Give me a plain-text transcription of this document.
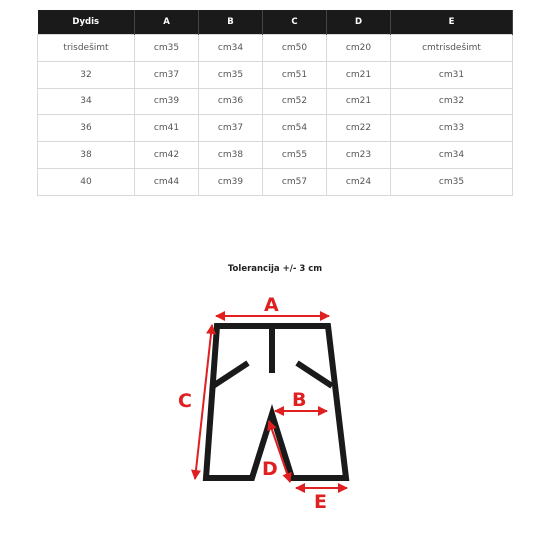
Dydis	A	B	C	D	E
trisdešimt	cm35	cm34	cm50	cm20	cmtrisdešimt
32	cm37	cm35	cm51	cm21	cm31
34	cm39	cm36	cm52	cm21	cm32
36	cm41	cm37	cm54	cm22	cm33
38	cm42	cm38	cm55	cm23	cm34
40	cm44	cm39	cm57	cm24	cm35
Tolerancija +/- 3 cm
A
B
C
D
E
